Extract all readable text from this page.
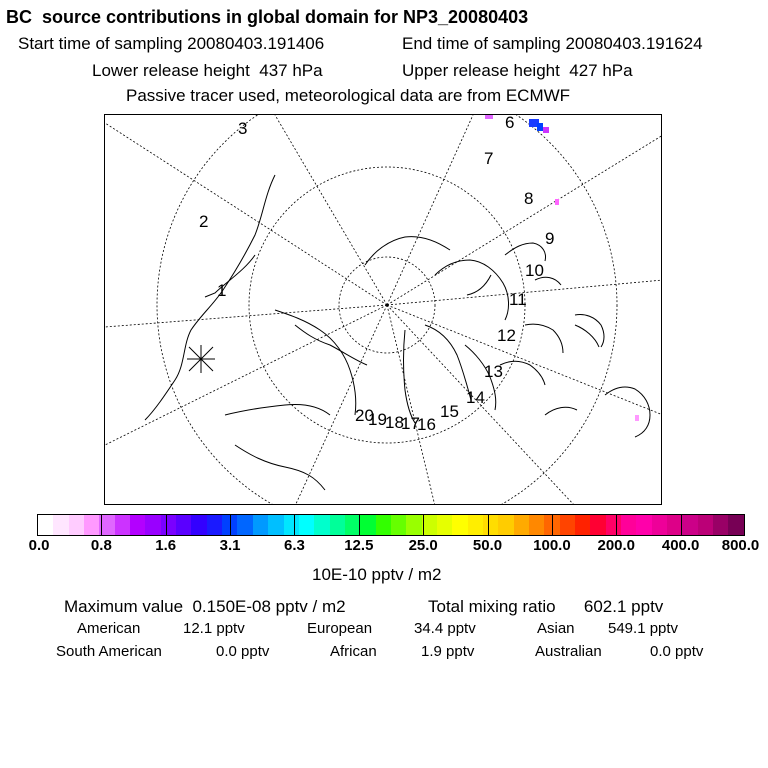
BC  source contributions in global domain for NP3_20080403
Start time of sampling 20080403.191406	End time of sampling 20080403.191624
Lower release height  437 hPa	Upper release height  427 hPa
Passive tracer used, meteorological data are from ECMWF
1
2
3	6
7
8
9
10
11
12
13
14
15
16
17
18
19
20
0.0	0.8	1.6	3.1	6.3	12.5 25.0 50.0 100.0 200.0 400.0 800.0
10E-10 pptv / m2
Maximum value  0.150E-08 pptv / m2	Total mixing ratio      602.1 pptv
American	12.1 pptv	European	34.4 pptv	Asian 549.1 pptv
South American	0.0 pptv	African	1.9 pptv	Australian	0.0 pptv
